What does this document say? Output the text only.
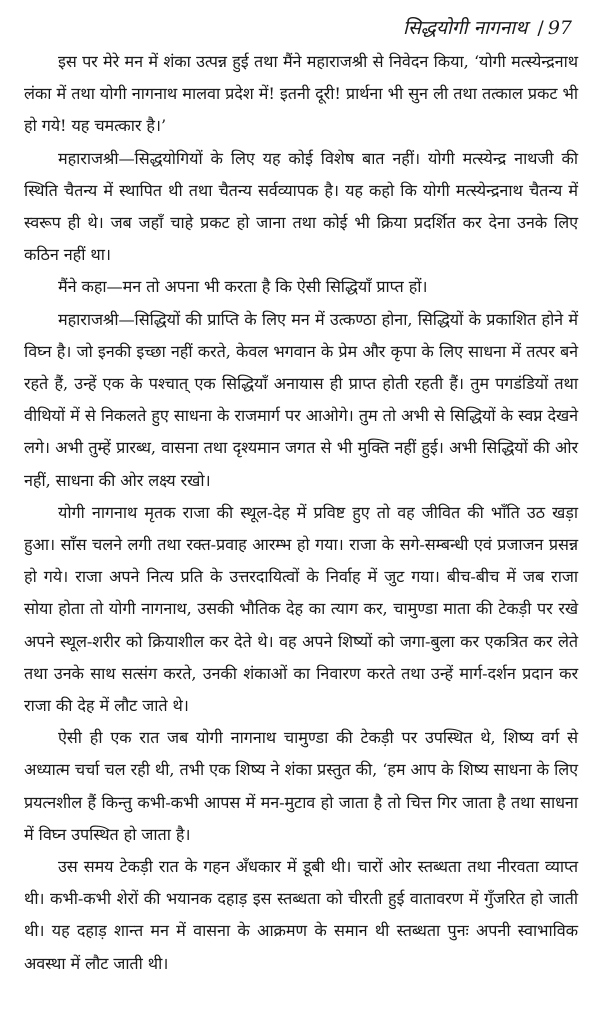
सिद्धयोगी नागनाथ / 97

इस पर मेरे मन में शंका उत्पन्न हुई तथा मैंने महाराजश्री से निवेदन किया, ‘योगी मत्स्येन्द्रनाथ लंका में तथा योगी नागनाथ मालवा प्रदेश में! इतनी दूरी! प्रार्थना भी सुन ली तथा तत्काल प्रकट भी हो गये! यह चमत्कार है।’

महाराजश्री—सिद्धयोगियों के लिए यह कोई विशेष बात नहीं। योगी मत्स्येन्द्र नाथजी की स्थिति चैतन्य में स्थापित थी तथा चैतन्य सर्वव्यापक है। यह कहो कि योगी मत्स्येन्द्रनाथ चैतन्य में स्वरूप ही थे। जब जहाँ चाहे प्रकट हो जाना तथा कोई भी क्रिया प्रदर्शित कर देना उनके लिए कठिन नहीं था।

मैंने कहा—मन तो अपना भी करता है कि ऐसी सिद्धियाँ प्राप्त हों।

महाराजश्री—सिद्धियों की प्राप्ति के लिए मन में उत्कण्ठा होना, सिद्धियों के प्रकाशित होने में विघ्न है। जो इनकी इच्छा नहीं करते, केवल भगवान के प्रेम और कृपा के लिए साधना में तत्पर बने रहते हैं, उन्हें एक के पश्चात् एक सिद्धियाँ अनायास ही प्राप्त होती रहती हैं। तुम पगडंडियों तथा वीथियों में से निकलते हुए साधना के राजमार्ग पर आओगे। तुम तो अभी से सिद्धियों के स्वप्न देखने लगे। अभी तुम्हें प्रारब्ध, वासना तथा दृश्यमान जगत से भी मुक्ति नहीं हुई। अभी सिद्धियों की ओर नहीं, साधना की ओर लक्ष्य रखो।

योगी नागनाथ मृतक राजा की स्थूल-देह में प्रविष्ट हुए तो वह जीवित की भाँति उठ खड़ा हुआ। साँस चलने लगी तथा रक्त-प्रवाह आरम्भ हो गया। राजा के सगे-सम्बन्धी एवं प्रजाजन प्रसन्न हो गये। राजा अपने नित्य प्रति के उत्तरदायित्वों के निर्वाह में जुट गया। बीच-बीच में जब राजा सोया होता तो योगी नागनाथ, उसकी भौतिक देह का त्याग कर, चामुण्डा माता की टेकड़ी पर रखे अपने स्थूल-शरीर को क्रियाशील कर देते थे। वह अपने शिष्यों को जगा-बुला कर एकत्रित कर लेते तथा उनके साथ सत्संग करते, उनकी शंकाओं का निवारण करते तथा उन्हें मार्ग-दर्शन प्रदान कर राजा की देह में लौट जाते थे।

ऐसी ही एक रात जब योगी नागनाथ चामुण्डा की टेकड़ी पर उपस्थित थे, शिष्य वर्ग से अध्यात्म चर्चा चल रही थी, तभी एक शिष्य ने शंका प्रस्तुत की, ‘हम आप के शिष्य साधना के लिए प्रयत्नशील हैं किन्तु कभी-कभी आपस में मन-मुटाव हो जाता है तो चित्त गिर जाता है तथा साधना में विघ्न उपस्थित हो जाता है।

उस समय टेकड़ी रात के गहन अँधकार में डूबी थी। चारों ओर स्तब्धता तथा नीरवता व्याप्त थी। कभी-कभी शेरों की भयानक दहाड़ इस स्तब्धता को चीरती हुई वातावरण में गुँजरित हो जाती थी। यह दहाड़ शान्त मन में वासना के आक्रमण के समान थी स्तब्धता पुनः अपनी स्वाभाविक अवस्था में लौट जाती थी।
